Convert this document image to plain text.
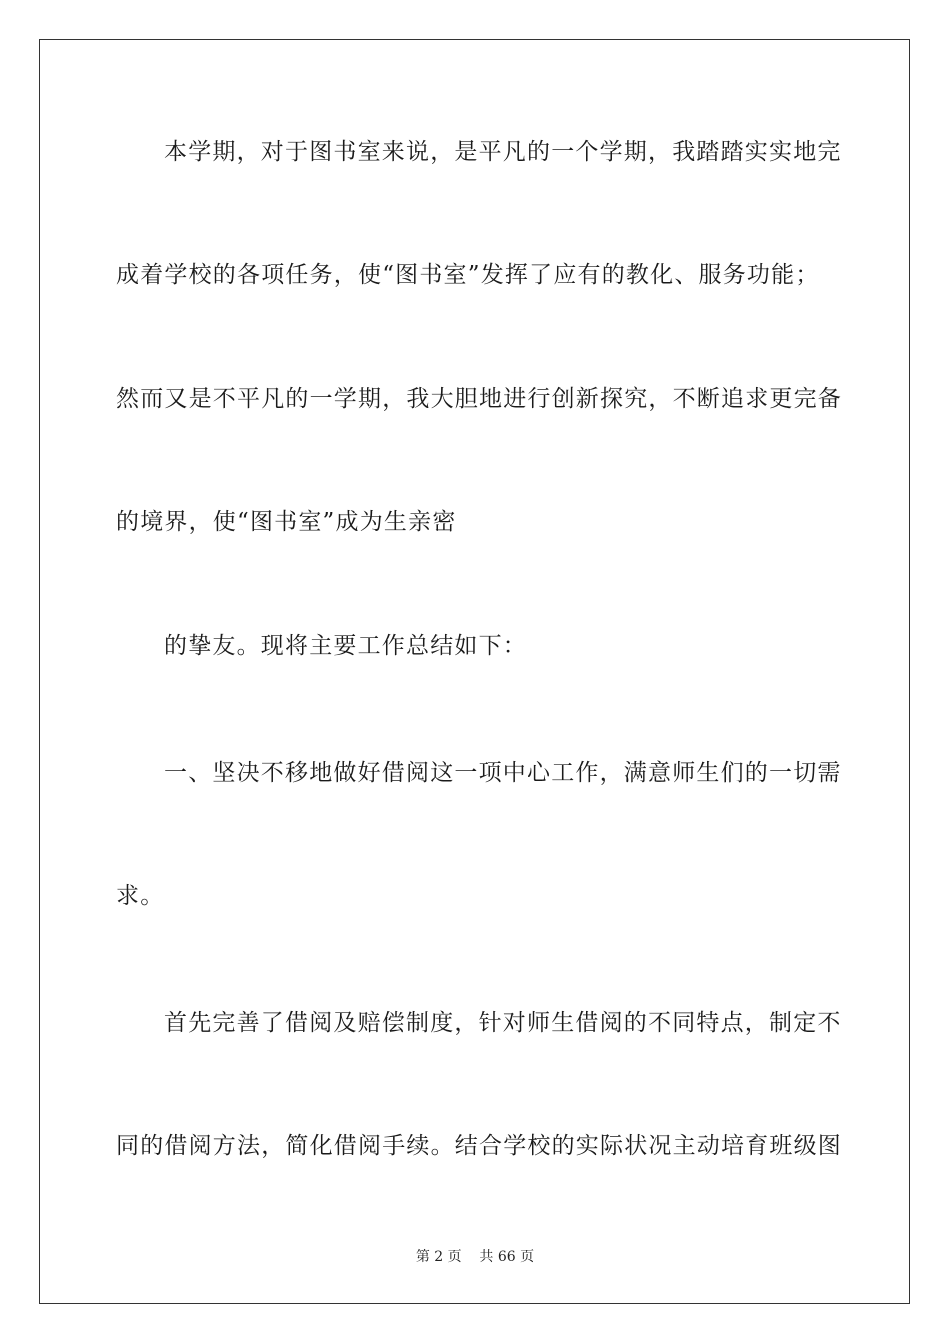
本学期，对于图书室来说，是平凡的一个学期，我踏踏实实地完
成着学校的各项任务，使“图书室”发挥了应有的教化、服务功能；
然而又是不平凡的一学期，我大胆地进行创新探究，不断追求更完备
的境界，使“图书室”成为生亲密
的挚友。现将主要工作总结如下：
一、坚决不移地做好借阅这一项中心工作，满意师生们的一切需
求。
首先完善了借阅及赔偿制度，针对师生借阅的不同特点，制定不
同的借阅方法，简化借阅手续。结合学校的实际状况主动培育班级图
第 2 页    共 66 页
